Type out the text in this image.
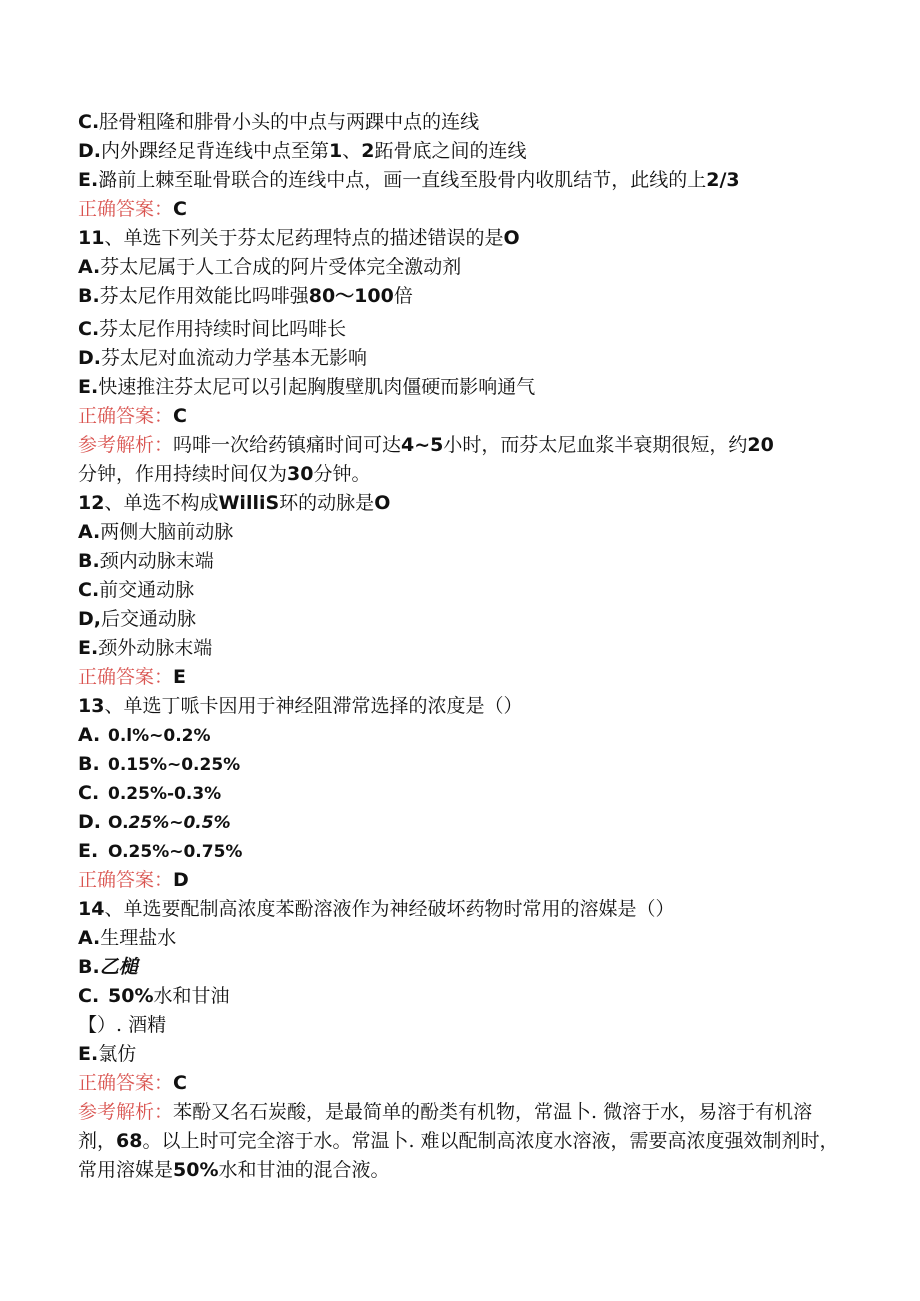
C.胫骨粗隆和腓骨小头的中点与两踝中点的连线
D.内外踝经足背连线中点至第1、2跖骨底之间的连线
E.潞前上棘至耻骨联合的连线中点，画一直线至股骨内收肌结节，此线的上2/3
正确答案：C
11、单选下列关于芬太尼药理特点的描述错误的是O
A.芬太尼属于人工合成的阿片受体完全激动剂
B.芬太尼作用效能比吗啡强80〜100倍
C.芬太尼作用持续时间比吗啡长
D.芬太尼对血流动力学基本无影响
E.快速推注芬太尼可以引起胸腹壁肌肉僵硬而影响通气
正确答案：C
参考解析：吗啡一次给药镇痛时间可达4~5小时，而芬太尼血浆半衰期很短，约20
分钟，作用持续时间仅为30分钟。
12、单选不构成WilliS环的动脉是O
A.两侧大脑前动脉
B.颈内动脉末端
C.前交通动脉
D,后交通动脉
E.颈外动脉末端
正确答案：E
13、单选丁哌卡因用于神经阻滞常选择的浓度是（）
A. 0.l%~0.2%
B. 0.15%~0.25%
C. 0.25%-0.3%
D. O.25%~0.5%
E. O.25%~0.75%
正确答案：D
14、单选要配制高浓度苯酚溶液作为神经破坏药物时常用的溶媒是（）
A.生理盐水
B.乙槌
C. 50%水和甘油
【）. 酒精
E.氯仿
正确答案：C
参考解析：苯酚又名石炭酸，是最简单的酚类有机物，常温卜. 微溶于水，易溶于有机溶剂，68。以上时可完全溶于水。常温卜. 难以配制高浓度水溶液，需要高浓度强效制剂时，常用溶媒是50%水和甘油的混合液。
